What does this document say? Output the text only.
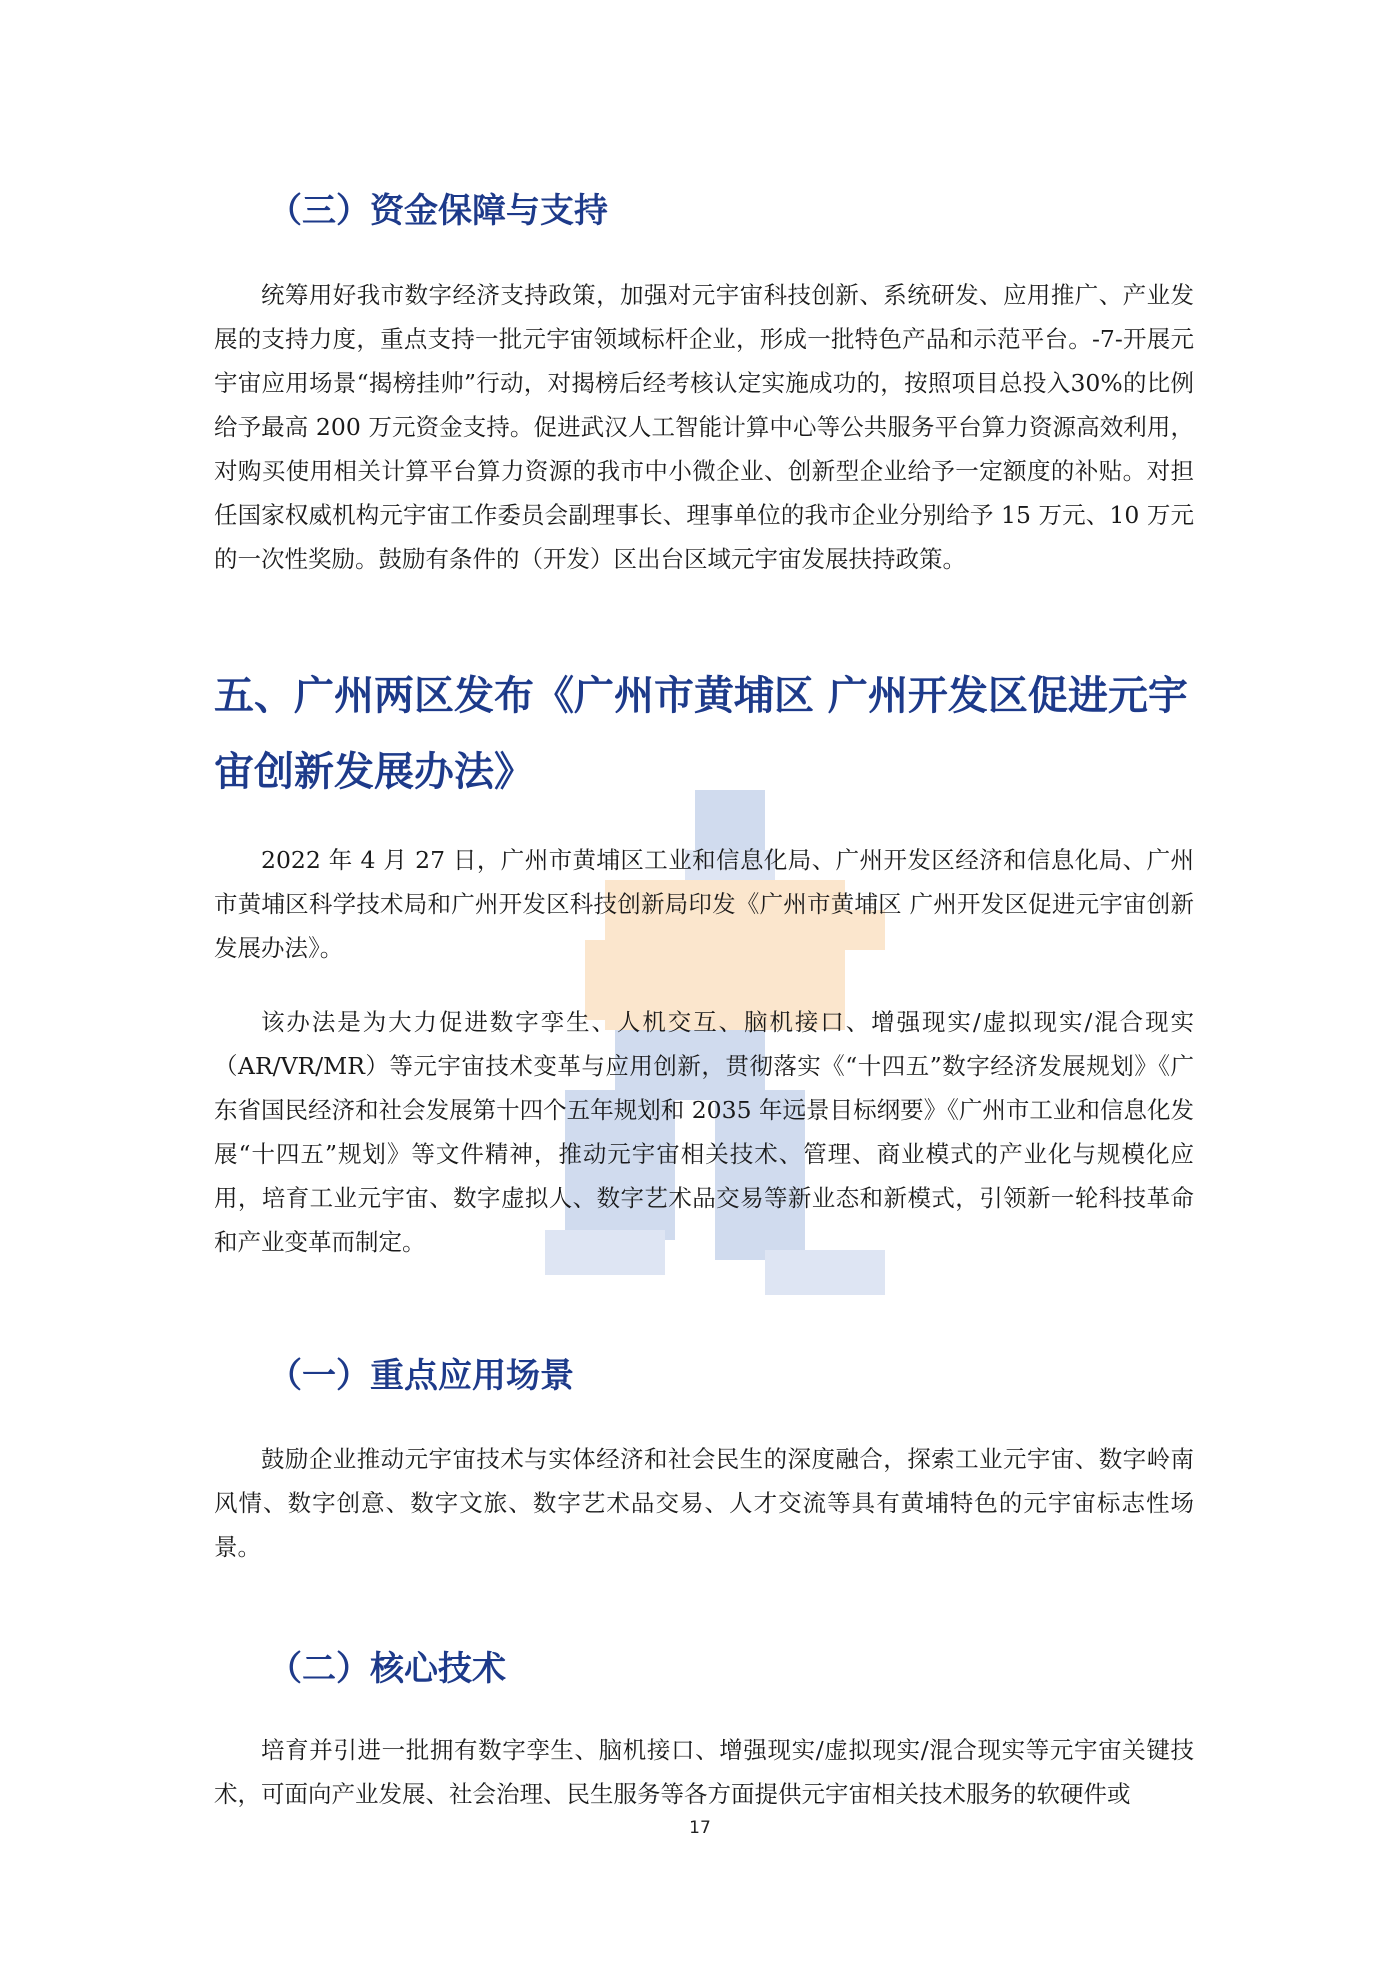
（三）资金保障与支持

统筹用好我市数字经济支持政策，加强对元宇宙科技创新、系统研发、应用推广、产业发展的支持力度，重点支持一批元宇宙领域标杆企业，形成一批特色产品和示范平台。-7-开展元宇宙应用场景“揭榜挂帅”行动，对揭榜后经考核认定实施成功的，按照项目总投入30%的比例给予最高 200 万元资金支持。促进武汉人工智能计算中心等公共服务平台算力资源高效利用，对购买使用相关计算平台算力资源的我市中小微企业、创新型企业给予一定额度的补贴。对担任国家权威机构元宇宙工作委员会副理事长、理事单位的我市企业分别给予 15 万元、10 万元的一次性奖励。鼓励有条件的（开发）区出台区域元宇宙发展扶持政策。

五、广州两区发布《广州市黄埔区 广州开发区促进元宇宙创新发展办法》

2022 年 4 月 27 日，广州市黄埔区工业和信息化局、广州开发区经济和信息化局、广州市黄埔区科学技术局和广州开发区科技创新局印发《广州市黄埔区 广州开发区促进元宇宙创新发展办法》。

该办法是为大力促进数字孪生、人机交互、脑机接口、增强现实/虚拟现实/混合现实（AR/VR/MR）等元宇宙技术变革与应用创新，贯彻落实《“十四五”数字经济发展规划》《广东省国民经济和社会发展第十四个五年规划和 2035 年远景目标纲要》《广州市工业和信息化发展“十四五”规划》等文件精神，推动元宇宙相关技术、管理、商业模式的产业化与规模化应用，培育工业元宇宙、数字虚拟人、数字艺术品交易等新业态和新模式，引领新一轮科技革命和产业变革而制定。

（一）重点应用场景

鼓励企业推动元宇宙技术与实体经济和社会民生的深度融合，探索工业元宇宙、数字岭南风情、数字创意、数字文旅、数字艺术品交易、人才交流等具有黄埔特色的元宇宙标志性场景。

（二）核心技术

培育并引进一批拥有数字孪生、脑机接口、增强现实/虚拟现实/混合现实等元宇宙关键技术，可面向产业发展、社会治理、民生服务等各方面提供元宇宙相关技术服务的软硬件或

17
